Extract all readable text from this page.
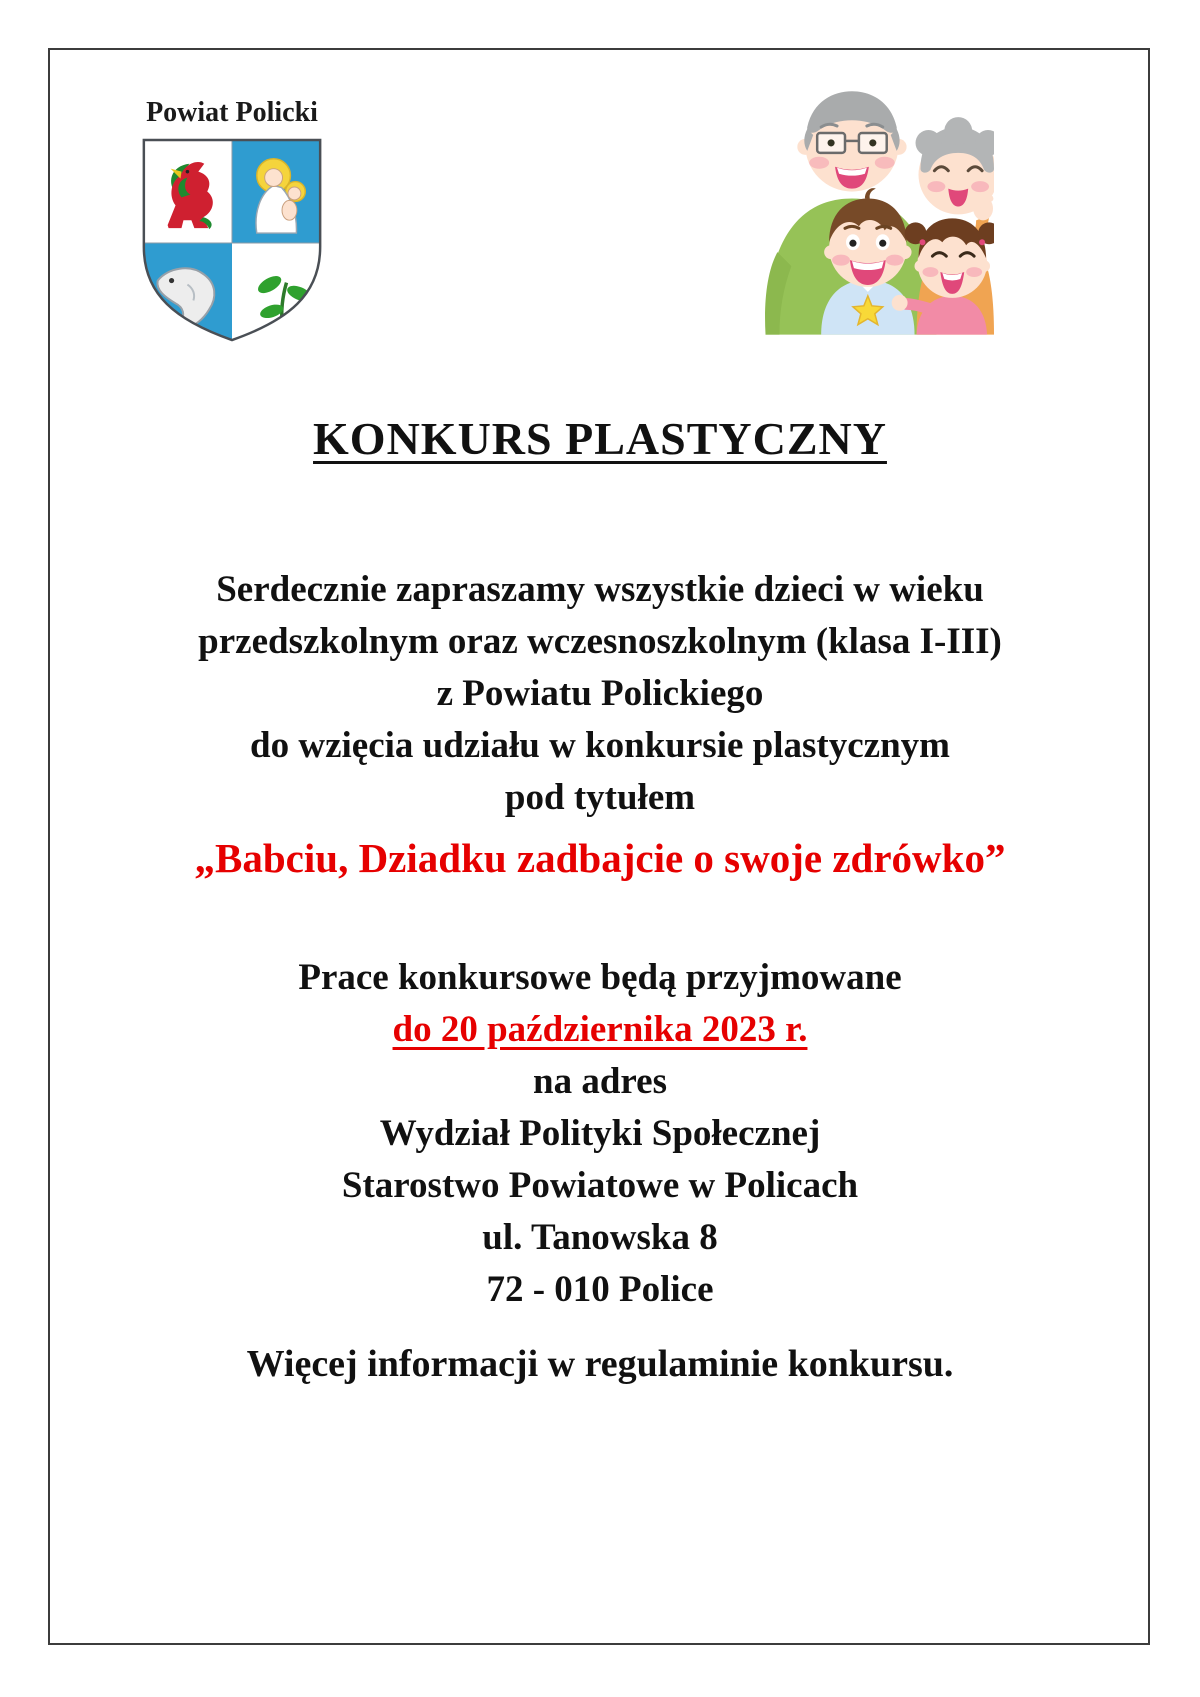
Powiat Policki
KONKURS PLASTYCZNY

Serdecznie zapraszamy wszystkie dzieci w wieku

przedszkolnym oraz wczesnoszkolnym (klasa I-III)

z Powiatu Polickiego

do wzięcia udziału w konkursie plastycznym

pod tytułem

„Babciu, Dziadku zadbajcie o swoje zdrówko”

Prace konkursowe będą przyjmowane

do 20 października 2023 r.

na adres

Wydział Polityki Społecznej

Starostwo Powiatowe w Policach

ul. Tanowska 8

72 - 010 Police

Więcej informacji w regulaminie konkursu.
